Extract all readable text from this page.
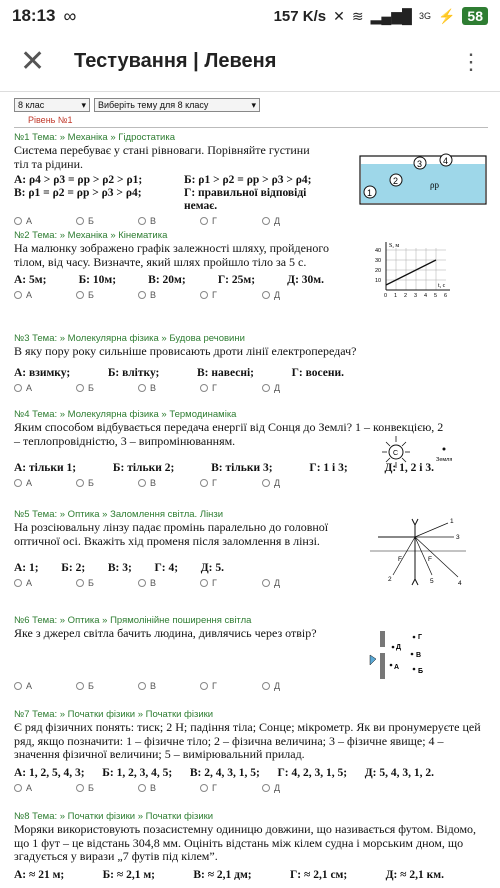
18:13 ∞	157 K/s ✕ ≋ ▂▄▆█ 3G ⚡ 58
✕	Тестування | Левеня	⋮
8 клас	▾ Виберіть тему для 8 класу	▾
Рівень №1
№1 Тема: » Механіка » Гідростатика
Система перебуває у стані рівноваги. Порівняйте густини тіл та рідини.
А: ρ4 > ρ3 = ρр > ρ2 > ρ1;	Б: ρ1 > ρ2 = ρр > ρ3 > ρ4;
В: ρ1 = ρ2 = ρр > ρ3 > ρ4;	Г: правильної відповіді немає.
А	Б	В	Г	Д
1
2
3 4
ρр
№2 Тема: » Механіка » Кінематика
На малюнку зображено графік залежності шляху, пройденого тілом, від часу. Визначте, який шлях пройшло тіло за 5 с.
А: 5м;	Б: 10м;	В: 20м;	Г: 25м;	Д: 30м.
А	Б	В	Г	Д
S, м
t, с
40
30
20
10
0 1 2 3 4 5 6
№3 Тема: » Молекулярна фізика » Будова речовини
В яку пору року сильніше провисають дроти лінії електропередач?
А: взимку;	Б: влітку;	В: навесні;	Г: восени.
А	Б	В	Г	Д
№4 Тема: » Молекулярна фізика » Термодинаміка
Яким способом відбувається передача енергії від Сонця до Землі? 1 – конвекцією, 2 – теплопровідністю, 3 – випромінюванням.
С
Земля
А: тільки 1;	Б: тільки 2;	В: тільки 3;	Г: 1 і 3;	Д: 1, 2 і 3.
А	Б	В	Г	Д
№5 Тема: » Оптика » Заломлення світла. Лінзи
На розсіювальну лінзу падає промінь паралельно до головної оптичної осі. Вкажіть хід променя після заломлення в лінзі.
1
3
2
4
5
F	F
А: 1; Б: 2; В: 3; Г: 4; Д: 5.
А	Б	В	Г	Д
№6 Тема: » Оптика » Прямолінійне поширення світла
Яке з джерел світла бачить людина, дивлячись через отвір?	Г
Д
А
Б
В
А	Б	В	Г	Д
№7 Тема: » Початки фізики » Початки фізики
Є ряд фізичних понять: тиск; 2 Н; падіння тіла; Сонце; мікрометр. Як ви пронумеруєте цей ряд, якщо позначити: 1 – фізичне тіло; 2 – фізична величина; 3 – фізичне явище; 4 – значення фізичної величини; 5 – вимірювальний прилад.
А: 1, 2, 5, 4, 3; Б: 1, 2, 3, 4, 5; В: 2, 4, 3, 1, 5; Г: 4, 2, 3, 1, 5; Д: 5, 4, 3, 1, 2.
А	Б	В	Г	Д
№8 Тема: » Початки фізики » Початки фізики
Моряки використовують позасистемну одиницю довжини, що називається футом. Відомо, що 1 фут – це відстань 304,8 мм. Оцініть відстань між кілем судна і морським дном, що згадується у вирази „7 футів під кілем”.
А: ≈ 21 м;	Б: ≈ 2,1 м;	В: ≈ 2,1 дм;	Г: ≈ 2,1 см;	Д: ≈ 2,1 км.
